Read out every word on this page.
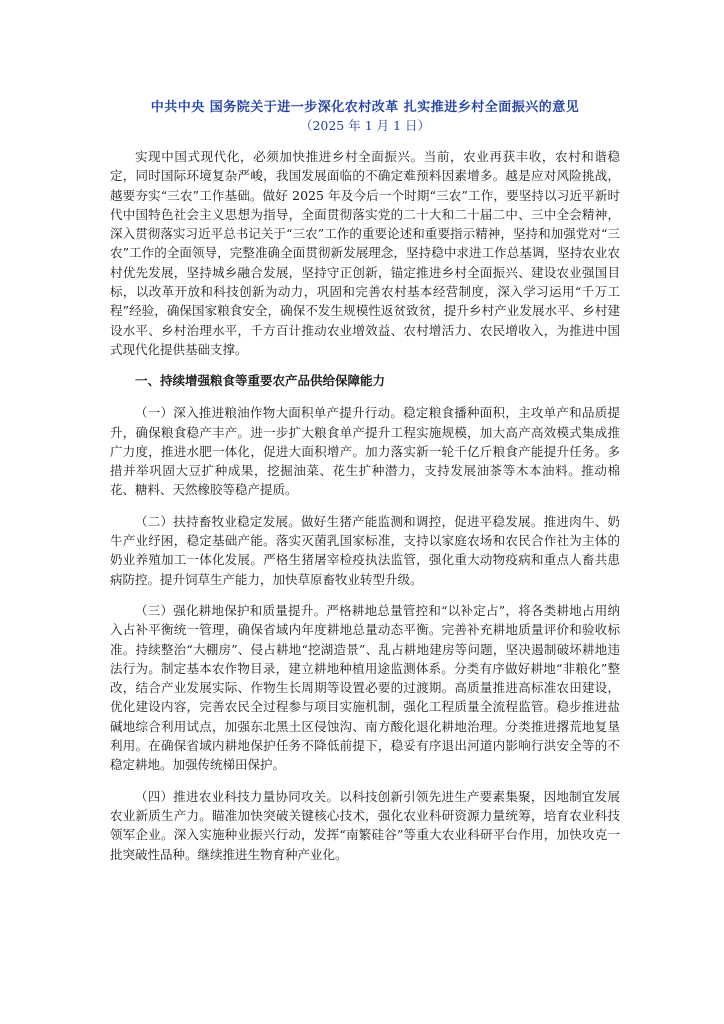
中共中央 国务院关于进一步深化农村改革 扎实推进乡村全面振兴的意见
（2025 年 1 月 1 日）

实现中国式现代化，必须加快推进乡村全面振兴。当前，农业再获丰收，农村和谐稳定，同时国际环境复杂严峻，我国发展面临的不确定难预料因素增多。越是应对风险挑战，越要夯实“三农”工作基础。做好 2025 年及今后一个时期“三农”工作，要坚持以习近平新时代中国特色社会主义思想为指导，全面贯彻落实党的二十大和二十届二中、三中全会精神，深入贯彻落实习近平总书记关于“三农”工作的重要论述和重要指示精神，坚持和加强党对“三农”工作的全面领导，完整准确全面贯彻新发展理念，坚持稳中求进工作总基调，坚持农业农村优先发展，坚持城乡融合发展，坚持守正创新，锚定推进乡村全面振兴、建设农业强国目标，以改革开放和科技创新为动力，巩固和完善农村基本经营制度，深入学习运用“千万工程”经验，确保国家粮食安全，确保不发生规模性返贫致贫，提升乡村产业发展水平、乡村建设水平、乡村治理水平，千方百计推动农业增效益、农村增活力、农民增收入，为推进中国式现代化提供基础支撑。

一、持续增强粮食等重要农产品供给保障能力

（一）深入推进粮油作物大面积单产提升行动。稳定粮食播种面积，主攻单产和品质提升，确保粮食稳产丰产。进一步扩大粮食单产提升工程实施规模，加大高产高效模式集成推广力度，推进水肥一体化，促进大面积增产。加力落实新一轮千亿斤粮食产能提升任务。多措并举巩固大豆扩种成果，挖掘油菜、花生扩种潜力，支持发展油茶等木本油料。推动棉花、糖料、天然橡胶等稳产提质。

（二）扶持畜牧业稳定发展。做好生猪产能监测和调控，促进平稳发展。推进肉牛、奶牛产业纾困，稳定基础产能。落实灭菌乳国家标准，支持以家庭农场和农民合作社为主体的奶业养殖加工一体化发展。严格生猪屠宰检疫执法监管，强化重大动物疫病和重点人畜共患病防控。提升饲草生产能力，加快草原畜牧业转型升级。

（三）强化耕地保护和质量提升。严格耕地总量管控和“以补定占”，将各类耕地占用纳入占补平衡统一管理，确保省域内年度耕地总量动态平衡。完善补充耕地质量评价和验收标准。持续整治“大棚房”、侵占耕地“挖湖造景”、乱占耕地建房等问题，坚决遏制破坏耕地违法行为。制定基本农作物目录，建立耕地种植用途监测体系。分类有序做好耕地“非粮化”整改，结合产业发展实际、作物生长周期等设置必要的过渡期。高质量推进高标准农田建设，优化建设内容，完善农民全过程参与项目实施机制，强化工程质量全流程监管。稳步推进盐碱地综合利用试点，加强东北黑土区侵蚀沟、南方酸化退化耕地治理。分类推进撂荒地复垦利用。在确保省域内耕地保护任务不降低前提下，稳妥有序退出河道内影响行洪安全等的不稳定耕地。加强传统梯田保护。

（四）推进农业科技力量协同攻关。以科技创新引领先进生产要素集聚，因地制宜发展农业新质生产力。瞄准加快突破关键核心技术，强化农业科研资源力量统筹，培育农业科技领军企业。深入实施种业振兴行动，发挥“南繁硅谷”等重大农业科研平台作用，加快攻克一批突破性品种。继续推进生物育种产业化。
